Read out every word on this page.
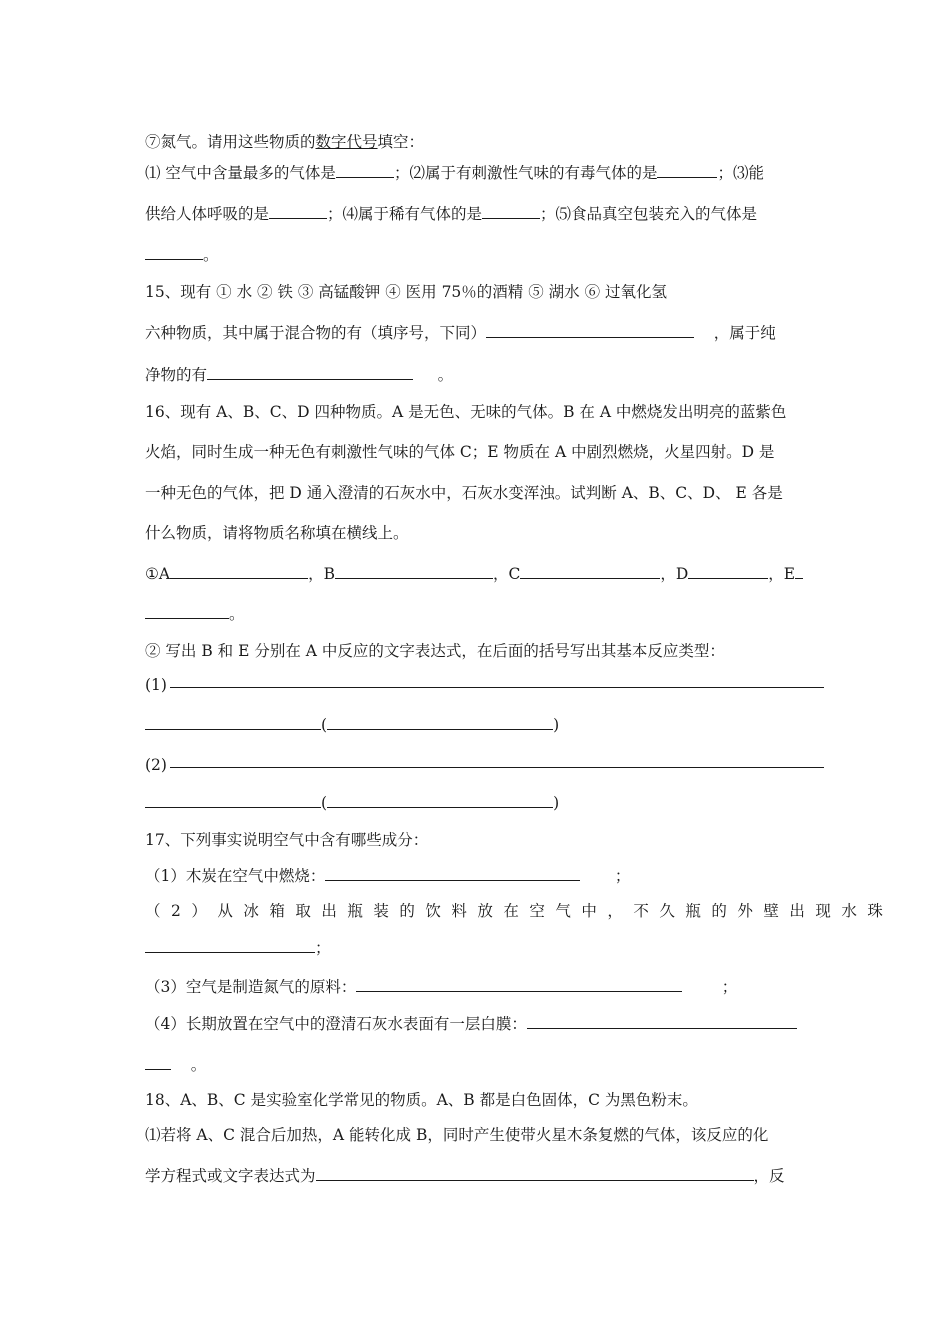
⑦氮气。请用这些物质的数字代号填空：
⑴ 空气中含量最多的气体是	；⑵属于有刺激性气味的有毒气体的是	；⑶能
供给人体呼吸的是	；⑷属于稀有气体的是	；⑸食品真空包装充入的气体是
。
15、现有 ① 水 ② 铁 ③ 高锰酸钾 ④ 医用 75％的酒精 ⑤ 湖水 ⑥ 过氧化氢
六种物质，其中属于混合物的有（填序号，下同）	，属于纯
净物的有	。
16、现有 A、B、C、D 四种物质。A 是无色、无味的气体。B 在 A 中燃烧发出明亮的蓝紫色
火焰，同时生成一种无色有刺激性气味的气体 C；E 物质在 A 中剧烈燃烧，火星四射。D 是
一种无色的气体，把 D 通入澄清的石灰水中，石灰水变浑浊。试判断 A、B、C、D、 E 各是
什么物质，请将物质名称填在横线上。
①A	，B	，C	，D	，E
。
② 写出 B 和 E 分别在 A 中反应的文字表达式，在后面的括号写出其基本反应类型：
(1)
(	)
(2)
(	)
17、下列事实说明空气中含有哪些成分：
（1）木炭在空气中燃烧：	；
（2）从冰箱取出瓶装的饮料放在空气中，不久瓶的外壁出现水珠
；
（3）空气是制造氮气的原料：	；
（4）长期放置在空气中的澄清石灰水表面有一层白膜：
。
18、A、B、C 是实验室化学常见的物质。A、B 都是白色固体，C 为黑色粉末。
⑴若将 A、C 混合后加热，A 能转化成 B，同时产生使带火星木条复燃的气体，该反应的化
学方程式或文字表达式为	，反
